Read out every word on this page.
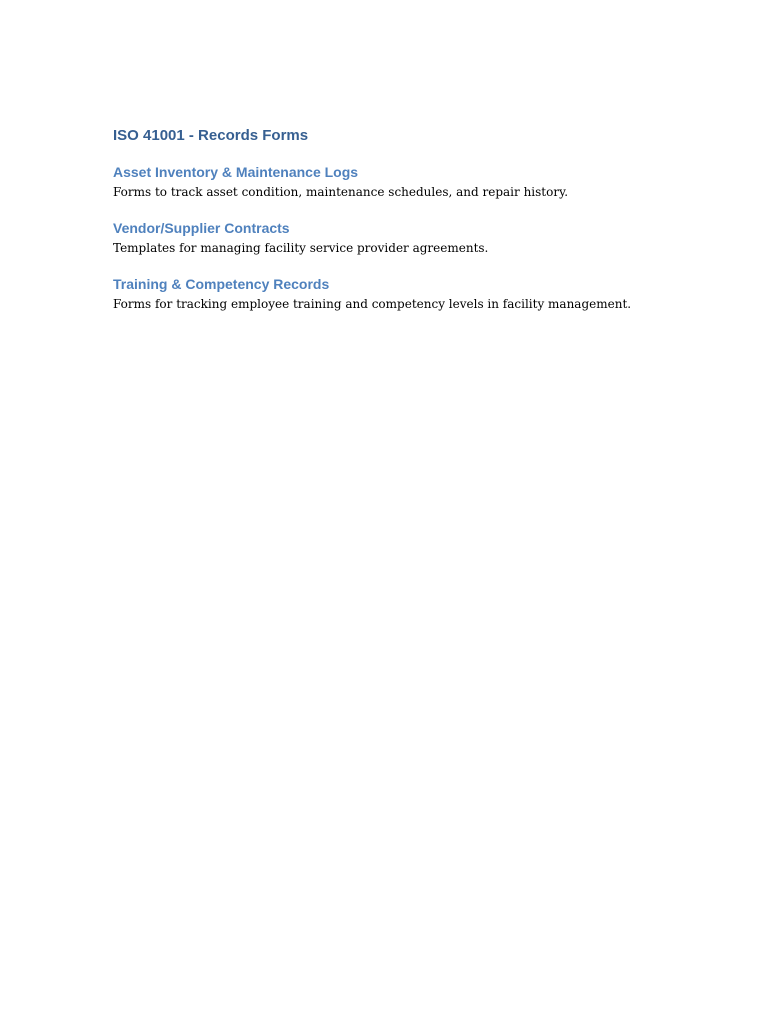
ISO 41001 - Records Forms
Asset Inventory & Maintenance Logs

Forms to track asset condition, maintenance schedules, and repair history.

Vendor/Supplier Contracts

Templates for managing facility service provider agreements.

Training & Competency Records

Forms for tracking employee training and competency levels in facility management.
